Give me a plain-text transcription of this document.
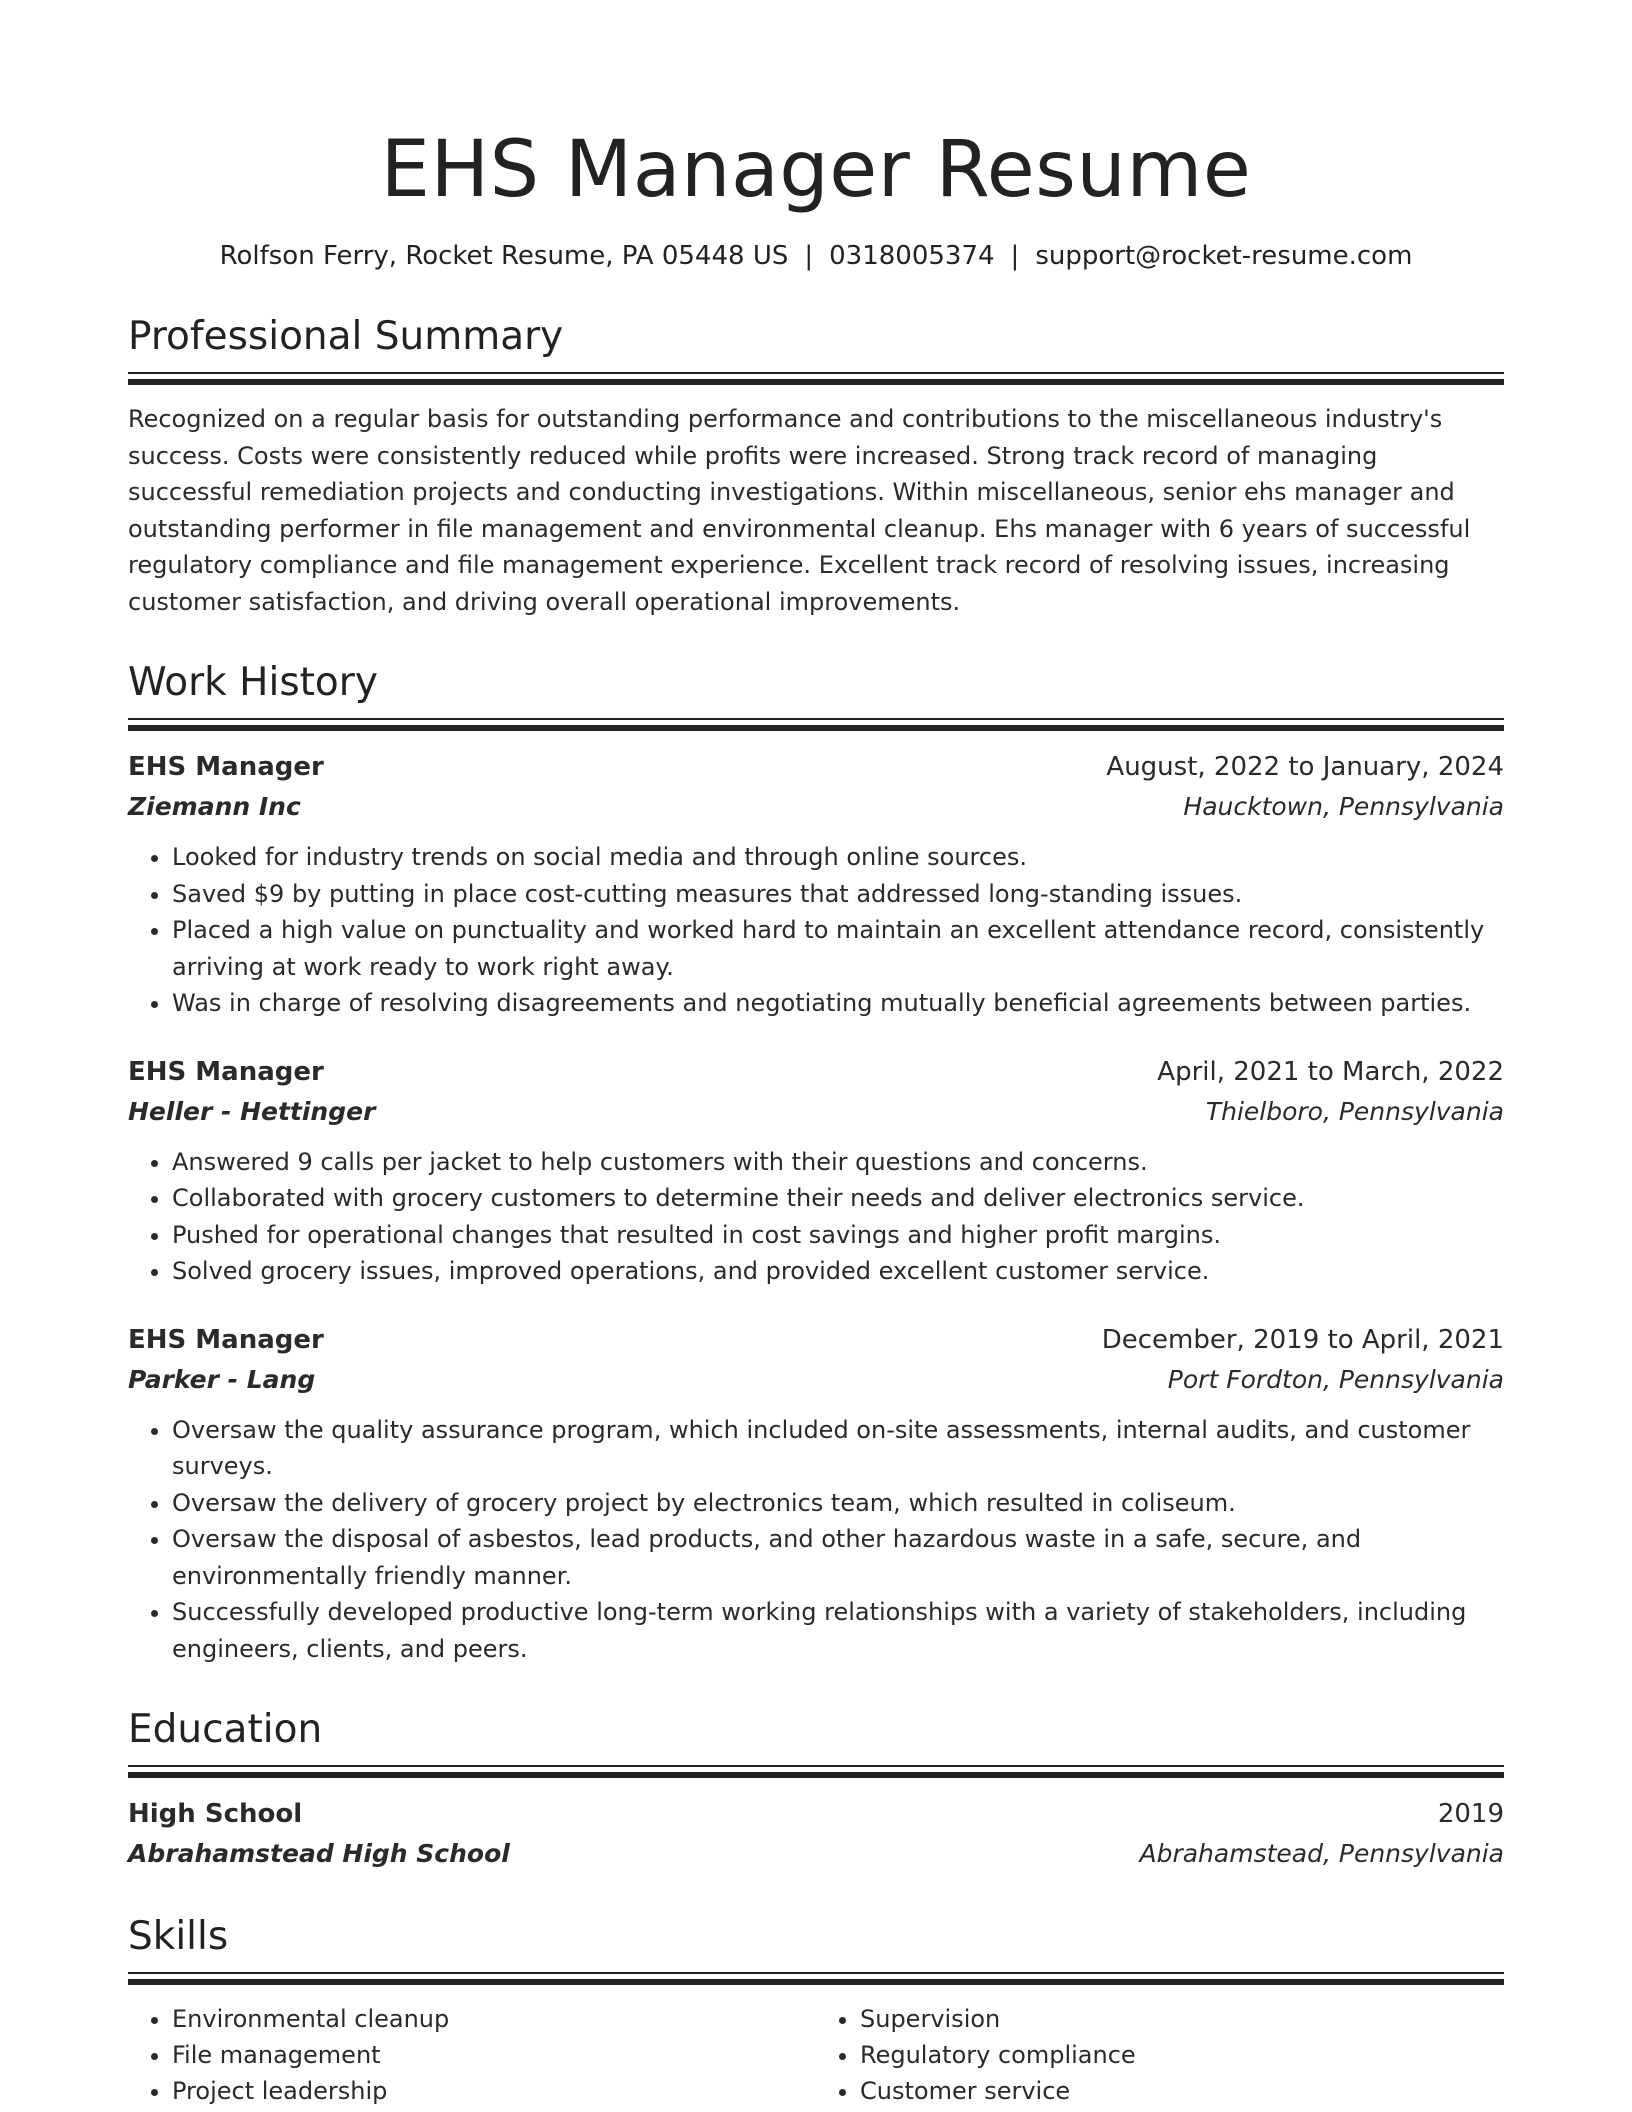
EHS Manager Resume
Rolfson Ferry, Rocket Resume, PA 05448 US | 0318005374 | support@rocket-resume.com
Professional Summary
Recognized on a regular basis for outstanding performance and contributions to the miscellaneous industry's success. Costs were consistently reduced while profits were increased. Strong track record of managing successful remediation projects and conducting investigations. Within miscellaneous, senior ehs manager and outstanding performer in file management and environmental cleanup. Ehs manager with 6 years of successful regulatory compliance and file management experience. Excellent track record of resolving issues, increasing customer satisfaction, and driving overall operational improvements.
Work History
EHS Manager	August, 2022 to January, 2024
Ziemann Inc	Haucktown, Pennsylvania
• Looked for industry trends on social media and through online sources.
• Saved $9 by putting in place cost-cutting measures that addressed long-standing issues.
• Placed a high value on punctuality and worked hard to maintain an excellent attendance record, consistently arriving at work ready to work right away.
• Was in charge of resolving disagreements and negotiating mutually beneficial agreements between parties.
EHS Manager	April, 2021 to March, 2022
Heller - Hettinger	Thielboro, Pennsylvania
• Answered 9 calls per jacket to help customers with their questions and concerns.
• Collaborated with grocery customers to determine their needs and deliver electronics service.
• Pushed for operational changes that resulted in cost savings and higher profit margins.
• Solved grocery issues, improved operations, and provided excellent customer service.
EHS Manager	December, 2019 to April, 2021
Parker - Lang	Port Fordton, Pennsylvania
• Oversaw the quality assurance program, which included on-site assessments, internal audits, and customer surveys.
• Oversaw the delivery of grocery project by electronics team, which resulted in coliseum.
• Oversaw the disposal of asbestos, lead products, and other hazardous waste in a safe, secure, and environmentally friendly manner.
• Successfully developed productive long-term working relationships with a variety of stakeholders, including engineers, clients, and peers.
Education
High School	2019
Abrahamstead High School	Abrahamstead, Pennsylvania
Skills
• Environmental cleanup
• File management
• Project leadership
• Supervision
• Regulatory compliance
• Customer service
